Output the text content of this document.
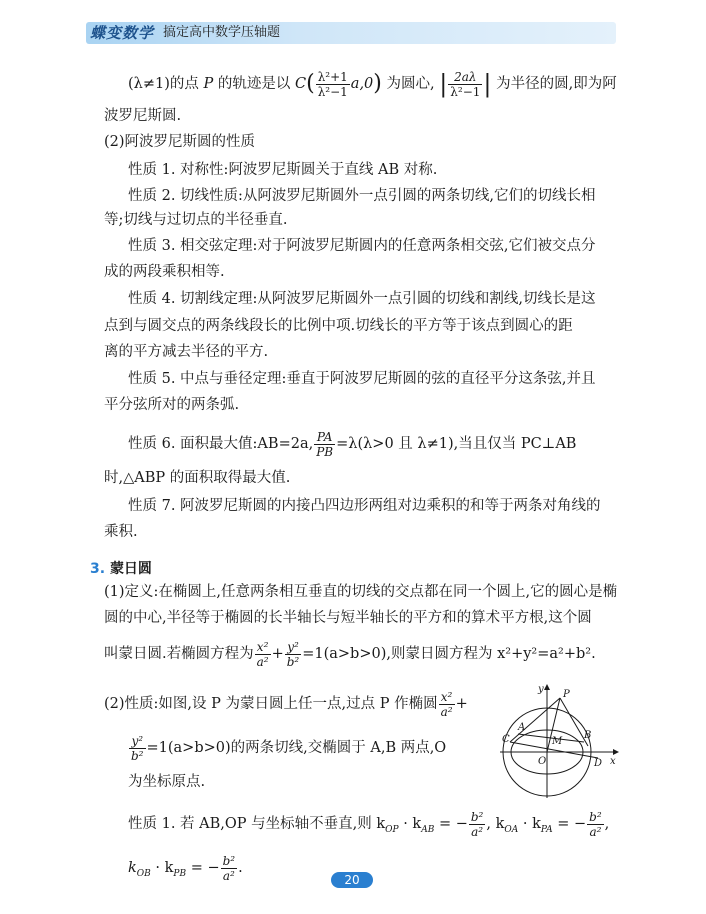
蝶变数学 搞定高中数学压轴题
(λ≠1)的点 P 的轨迹是以 $C( \frac{\text{λ²+1}}{\text{λ²−1}} a,0)$ 为圆心, | $\frac{2a\lambda}{\text{λ²−1}}$ | 为半径的圆,即为阿
波罗尼斯圆.
(2)阿波罗尼斯圆的性质
性质 1. 对称性:阿波罗尼斯圆关于直线 AB 对称.
性质 2. 切线性质:从阿波罗尼斯圆外一点引圆的两条切线,它们的切线长相
等;切线与过切点的半径垂直.
性质 3. 相交弦定理:对于阿波罗尼斯圆内的任意两条相交弦,它们被交点分
成的两段乘积相等.
性质 4. 切割线定理:从阿波罗尼斯圆外一点引圆的切线和割线,切线长是这
点到与圆交点的两条线段长的比例中项.切线长的平方等于该点到圆心的距
离的平方减去半径的平方.
性质 5. 中点与垂径定理:垂直于阿波罗尼斯圆的弦的直径平分这条弦,并且
平分弦所对的两条弧.
性质 6. 面积最大值:AB=2a, $\frac{PA}{PB} =\lambda(\lambda>0$ 且 λ≠1),当且仅当 PC⊥AB
时,△ABP 的面积取得最大值.
性质 7. 阿波罗尼斯圆的内接凸四边形两组对边乘积的和等于两条对角线的
乘积.
3. 蒙日圆
(1)定义:在椭圆上,任意两条相互垂直的切线的交点都在同一个圆上,它的圆心是椭
圆的中心,半径等于椭圆的长半轴长与短半轴长的平方和的算术平方根,这个圆
叫蒙日圆.若椭圆方程为 $\frac{\text{x²}}{\text{a²}} + \frac{\text{y²}}{\text{b²}} =1(a>b>0)$,则蒙日圆方程为 x²+y²=a²+b².
(2)性质:如图,设 P 为蒙日圆上任一点,过点 P 作椭圆 $\frac{\text{x²}}{\text{a²}}$ +
$\frac{\text{y²}}{\text{b²}} =1(a>b>0)$的两条切线,交椭圆于 A,B 两点,O
为坐标原点.
性质 1. 若 AB,OP 与坐标轴不垂直,则 $k_{OP} \cdot k_{AB}$ = − $\frac{\text{b²}}{\text{a²}}$ , $k_{OA} \cdot k_{PA}$ = − $\frac{\text{b²}}{\text{a²}}$ ,
$k_{OB} \cdot k_{PB}$ = − $\frac{\text{b²}}{\text{a²}}$ .
y
x
P
A
B
C
D
M
O
20
